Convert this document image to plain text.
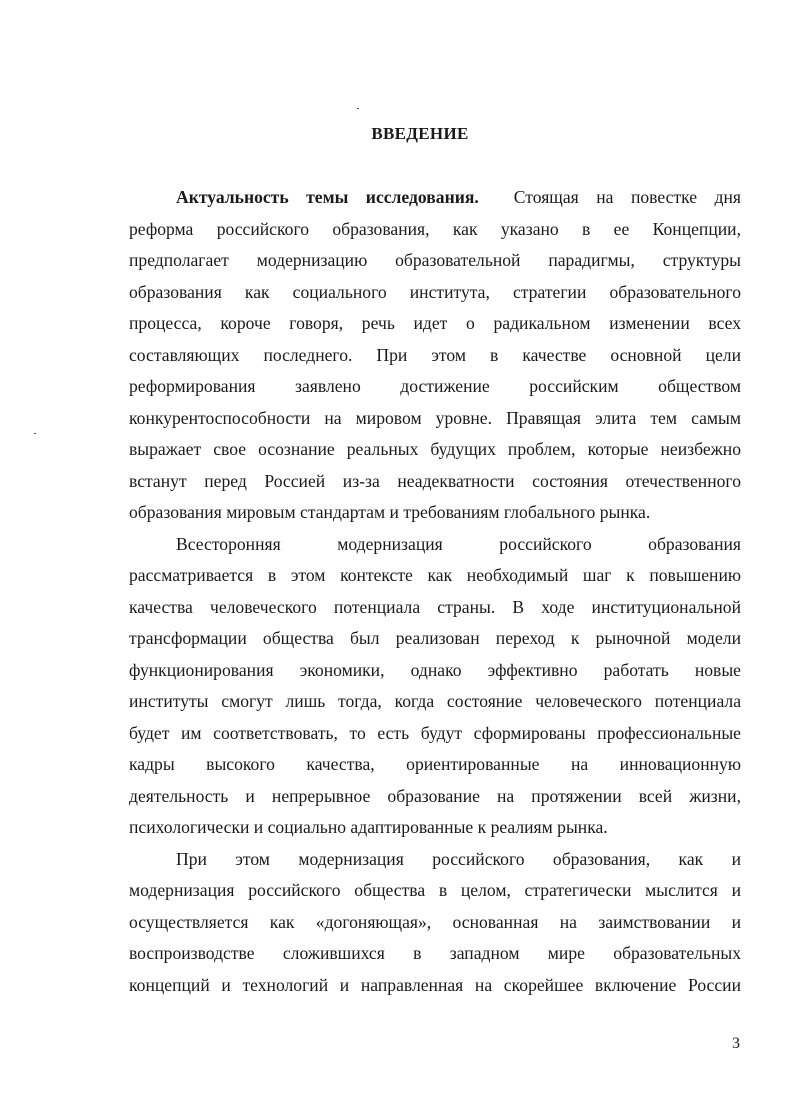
ВВЕДЕНИЕ
Актуальность темы исследования. Стоящая на повестке дня
реформа российского образования, как указано в ее Концепции,
предполагает модернизацию образовательной парадигмы, структуры
образования как социального института, стратегии образовательного
процесса, короче говоря, речь идет о радикальном изменении всех
составляющих последнего. При этом в качестве основной цели
реформирования заявлено достижение российским обществом
конкурентоспособности на мировом уровне. Правящая элита тем самым
выражает свое осознание реальных будущих проблем, которые неизбежно
встанут перед Россией из-за неадекватности состояния отечественного
образования мировым стандартам и требованиям глобального рынка.
Всесторонняя модернизация российского образования
рассматривается в этом контексте как необходимый шаг к повышению
качества человеческого потенциала страны. В ходе институциональной
трансформации общества был реализован переход к рыночной модели
функционирования экономики, однако эффективно работать новые
институты смогут лишь тогда, когда состояние человеческого потенциала
будет им соответствовать, то есть будут сформированы профессиональные
кадры высокого качества, ориентированные на инновационную
деятельность и непрерывное образование на протяжении всей жизни,
психологически и социально адаптированные к реалиям рынка.
При этом модернизация российского образования, как и
модернизация российского общества в целом, стратегически мыслится и
осуществляется как «догоняющая», основанная на заимствовании и
воспроизводстве сложившихся в западном мире образовательных
концепций и технологий и направленная на скорейшее включение России
3
